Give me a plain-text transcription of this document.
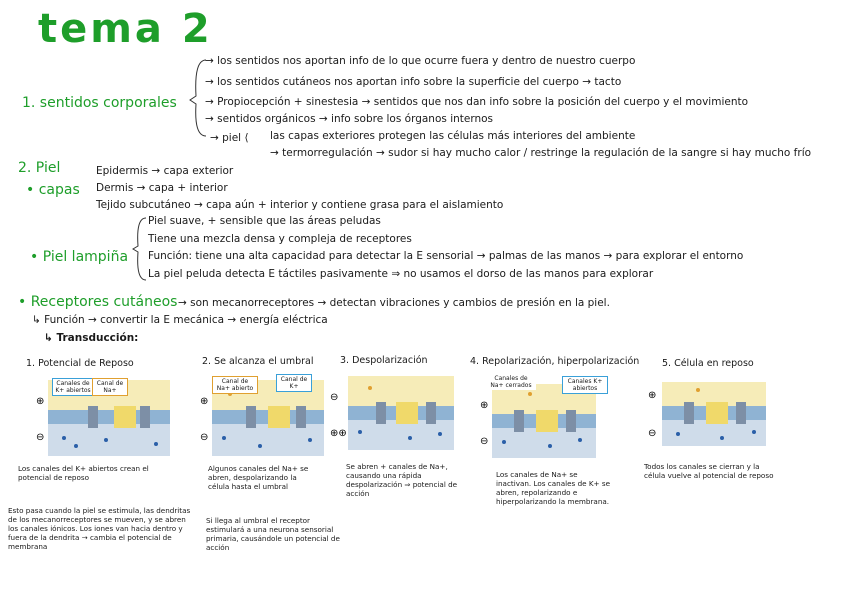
tema 2
1. sentidos corporales
→ los sentidos nos aportan info de lo que ocurre fuera y dentro de nuestro cuerpo
→ los sentidos cutáneos nos aportan info sobre la superficie del cuerpo → tacto
→ Propiocepción + sinestesia → sentidos que nos dan info sobre la posición del cuerpo y el movimiento
→ sentidos orgánicos → info sobre los órganos internos
→ piel ⟨ las capas exteriores protegen las células más interiores del ambiente
→ termorregulación → sudor si hay mucho calor / restringe la regulación de la sangre si hay mucho frío
2. Piel
• capas
Epidermis → capa exterior
Dermis → capa + interior
Tejido subcutáneo → capa aún + interior y contiene grasa para el aislamiento
• Piel lampiña
Piel suave, + sensible que las áreas peludas
Tiene una mezcla densa y compleja de receptores
Función: tiene una alta capacidad para detectar la E sensorial → palmas de las manos → para explorar el entorno
La piel peluda detecta E táctiles pasivamente ⇒ no usamos el dorso de las manos para explorar
• Receptores cutáneos → son mecanorreceptores → detectan vibraciones y cambios de presión en la piel.
↳ Función → convertir la E mecánica → energía eléctrica
↳ Transducción:
1. Potencial de Reposo	2. Se alcanza el umbral	3. Despolarización	4. Repolarización, hiperpolarización 5. Célula en reposo
⊕
⊖
Canales de K+ abiertos
Canal de Na+
⊕
⊖
Canal de Na+ abierto
Canal de K+
⊖
⊕⊕
⊕
⊖
Canales de Na+ cerrados
Canales K+ abiertos
⊕
⊖
Los canales del K+ abiertos crean el potencial de reposo
Esto pasa cuando la piel se estimula, las dendritas de los mecanorreceptores se mueven, y se abren los canales iónicos. Los iones van hacia dentro y fuera de la dendrita → cambia el potencial de membrana
Algunos canales del Na+ se abren, despolarizando la célula hasta el umbral
Si llega al umbral el receptor estimulará a una neurona sensorial primaria, causándole un potencial de acción
Se abren + canales de Na+, causando una rápida despolarización ⇒ potencial de acción
Los canales de Na+ se inactivan. Los canales de K+ se abren, repolarizando e hiperpolarizando la membrana.
Todos los canales se cierran y la célula vuelve al potencial de reposo
